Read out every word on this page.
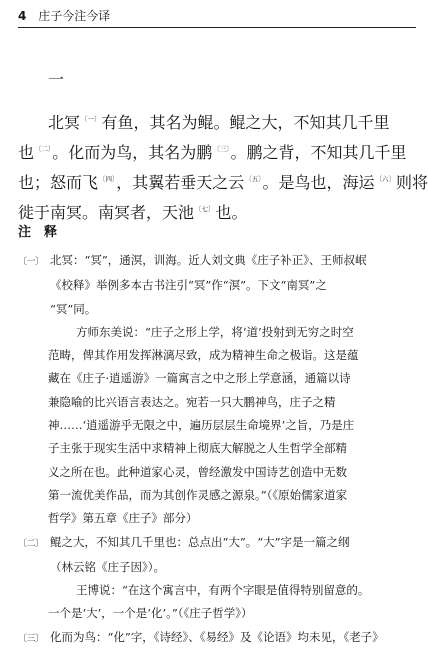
4 庄子今注今译
一
北冥$^{〔一〕}$有鱼，其名为鲲。鲲之大，不知其几千里
也$^{〔二〕}$。化而为鸟，其名为鹏$^{〔三〕}$。鹏之背，不知其几千里
也；怒而飞$^{〔四〕}$，其翼若垂天之云$^{〔五〕}$。是鸟也，海运$^{〔六〕}$则将
徙于南冥。南冥者，天池$^{〔七〕}$也。
注　释
〔一〕 北冥：“冥”，通溟，训海。近人刘文典《庄子补正》、王师叔岷
《校释》举例多本古书注引“冥”作“溟”。下文“南冥”之
“冥”同。
方师东美说：“庄子之形上学，将‘道’投射到无穷之时空
范畴，俾其作用发挥淋漓尽致，成为精神生命之极诣。这是蕴
藏在《庄子·逍遥游》一篇寓言之中之形上学意涵，通篇以诗
兼隐喻的比兴语言表达之。宛若一只大鹏神鸟，庄子之精
神……‘逍遥游乎无限之中，遍历层层生命境界’之旨，乃是庄
子主张于现实生活中求精神上彻底大解脱之人生哲学全部精
义之所在也。此种道家心灵，曾经激发中国诗艺创造中无数
第一流优美作品，而为其创作灵感之源泉。”（《原始儒家道家
哲学》第五章《庄子》部分）
〔二〕 鲲之大，不知其几千里也：总点出“大”。“大”字是一篇之纲
（林云铭《庄子因》）。
王博说：“在这个寓言中，有两个字眼是值得特别留意的。
一个是‘大’，一个是‘化’。”（《庄子哲学》）
〔三〕 化而为鸟：“化”字，《诗经》、《易经》及《论语》均未见，《老子》
